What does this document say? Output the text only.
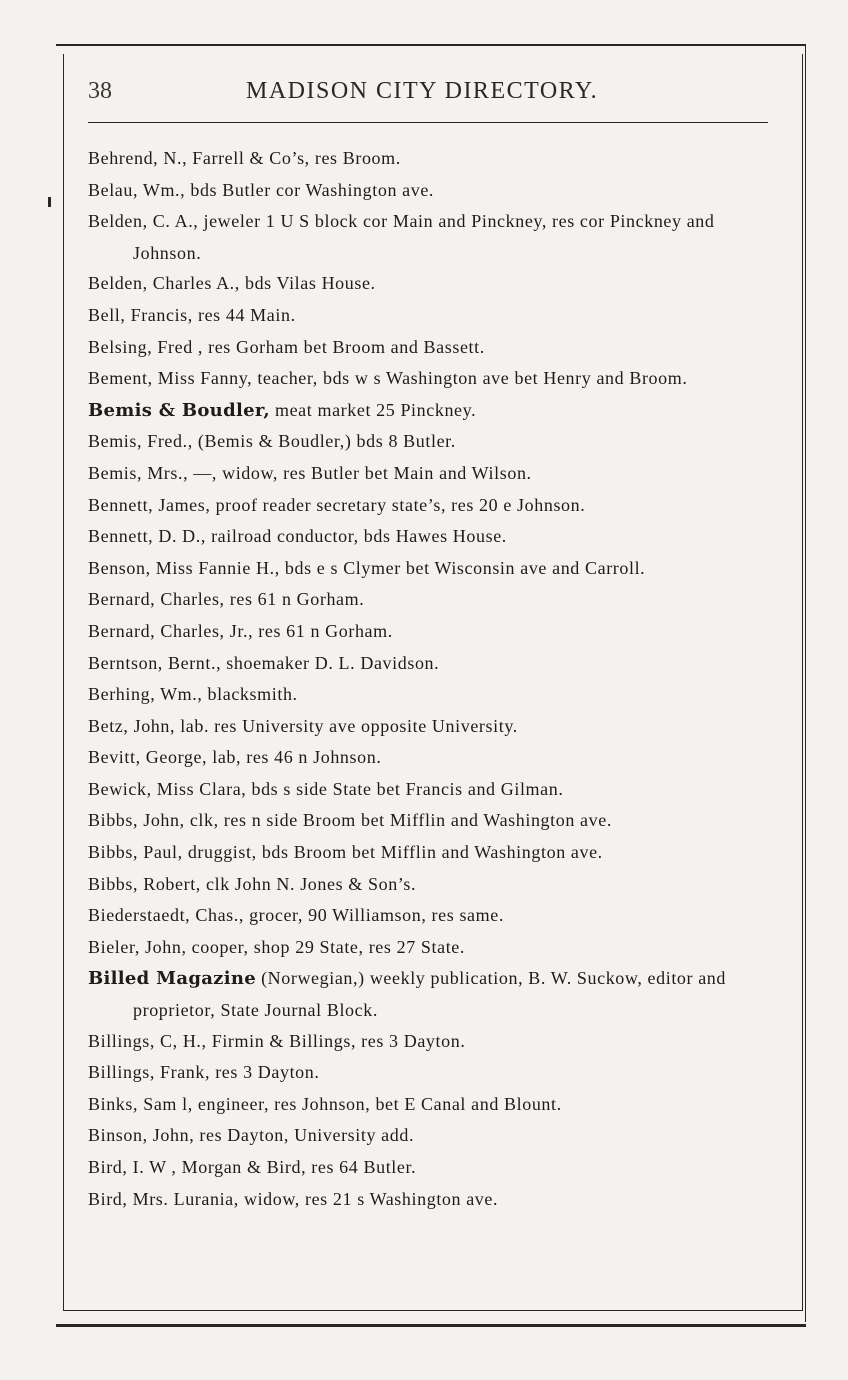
38	MADISON CITY DIRECTORY.

Behrend, N., Farrell & Co’s, res Broom.

Belau, Wm., bds Butler cor Washington ave.

Belden, C. A., jeweler 1 U S block cor Main and Pinckney, res cor Pinckney and Johnson.

Belden, Charles A., bds Vilas House.

Bell, Francis, res 44 Main.

Belsing, Fred , res Gorham bet Broom and Bassett.

Bement, Miss Fanny, teacher, bds w s Washington ave bet Henry and Broom.

Bemis & Boudler, meat market 25 Pinckney.

Bemis, Fred., (Bemis & Boudler,) bds 8 Butler.

Bemis, Mrs., —, widow, res Butler bet Main and Wilson.

Bennett, James, proof reader secretary state’s, res 20 e Johnson.

Bennett, D. D., railroad conductor, bds Hawes House.

Benson, Miss Fannie H., bds e s Clymer bet Wisconsin ave and Carroll.

Bernard, Charles, res 61 n Gorham.

Bernard, Charles, Jr., res 61 n Gorham.

Berntson, Bernt., shoemaker D. L. Davidson.

Berhing, Wm., blacksmith.

Betz, John, lab. res University ave opposite University.

Bevitt, George, lab, res 46 n Johnson.

Bewick, Miss Clara, bds s side State bet Francis and Gilman.

Bibbs, John, clk, res n side Broom bet Mifflin and Washington ave.

Bibbs, Paul, druggist, bds Broom bet Mifflin and Washington ave.

Bibbs, Robert, clk John N. Jones & Son’s.

Biederstaedt, Chas., grocer, 90 Williamson, res same.

Bieler, John, cooper, shop 29 State, res 27 State.

Billed Magazine (Norwegian,) weekly publication, B. W. Suckow, editor and proprietor, State Journal Block.

Billings, C, H., Firmin & Billings, res 3 Dayton.

Billings, Frank, res 3 Dayton.

Binks, Sam l, engineer, res Johnson, bet E Canal and Blount.

Binson, John, res Dayton, University add.

Bird, I. W , Morgan & Bird, res 64 Butler.

Bird, Mrs. Lurania, widow, res 21 s Washington ave.
